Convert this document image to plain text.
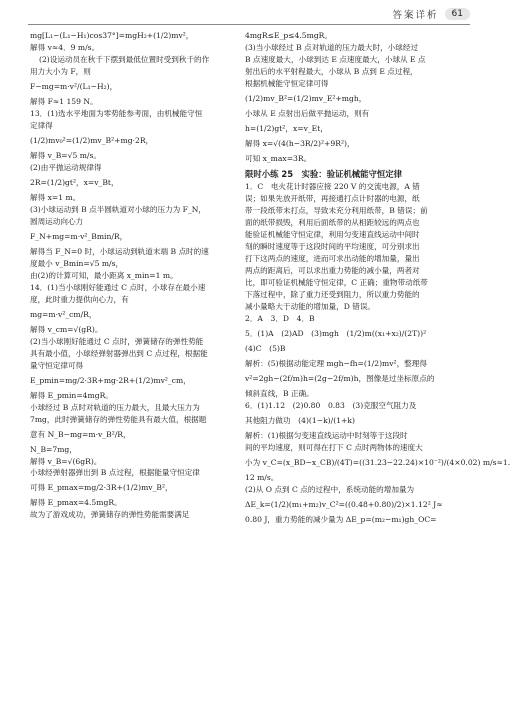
答案详析	61
mg[L₁−(L₁−H₁)cos37°]=mgH₂+(1/2)mv²，
解得 v≈4．9 m/s。
(2)设运动员在秋千下摆到最低位置时受到秋千的作
用力大小为 F，则
F−mg=m·v²/(L₁−H₂)，
解得 F≈1 159 N。
13．(1)选水平地面为零势能参考面，由机械能守恒
定律得
(1/2)mv₀²=(1/2)mv_B²+mg·2R，
解得 v_B=√5 m/s。
(2)由平抛运动规律得
2R=(1/2)gt²，x=v_Bt，
解得 x=1 m。
(3)小球运动到 B 点半圆轨道对小球的压力为 F_N，
圆周运动向心力
F_N+mg=m·v²_Bmin/R，
解得当 F_N=0 时，小球运动到轨道末端 B 点时的速
度最小 v_Bmin=√5 m/s，
由(2)的计算可知，最小距离 x_min=1 m。
14．(1)当小球刚好能通过 C 点时，小球存在最小速
度，此时重力提供向心力，有
mg=m·v²_cm/R，
解得 v_cm=√(gR)。
(2)当小球刚好能通过 C 点时，弹簧储存的弹性势能
具有最小值，小球经弹射器弹出到 C 点过程，根据能
量守恒定律可得
E_pmin=mg/2·3R+mg·2R+(1/2)mv²_cm，
解得 E_pmin=4mgR。
小球经过 B 点时对轨道的压力最大，且最大压力为
7mg，此时弹簧储存的弹性势能具有最大值，根据题
意有 N_B−mg=m·v_B²/R，
N_B=7mg，
解得 v_B=√(6gR)。
小球经弹射器弹出到 B 点过程，根据能量守恒定律
可得 E_pmax=mg/2·3R+(1/2)mv_B²，
解得 E_pmax=4.5mgR。
故为了游戏成功，弹簧储存的弹性势能需要满足
4mgR≤E_p≤4.5mgR。
(3)当小球经过 B 点对轨道的压力最大时，小球经过
B 点速度最大，小球到达 E 点速度最大，小球从 E 点
射出后的水平射程最大，小球从 B 点到 E 点过程，
根据机械能守恒定律可得
(1/2)mv_B²=(1/2)mv_E²+mgh，
小球从 E 点射出后做平抛运动，则有
h=(1/2)gt²，x=v_Et，
解得 x=√(4(h−3R/2)²+9R²)，
可知 x_max=3R。
限时小练 25　实验：验证机械能守恒定律
1．C　电火花计时器应接 220 V 的交流电源，A 错
误；如果先放开纸带，再接通打点计时器的电源，纸
带一段纸带未打点，导致未充分利用纸带，B 错误；前
面的纸带损毁，利用后面纸带的从相距较远的两点也
能验证机械能守恒定律，利用匀变速直线运动中间时
刻的瞬时速度等于这段时间的平均速度，可分别求出
打下这两点的速度，进而可求出动能的增加量，量出
两点的距离后，可以求出重力势能的减小量，两者对
比，即可验证机械能守恒定律，C 正确；重物带动纸带
下落过程中，除了重力还受到阻力，所以重力势能的
减小量略大于动能的增加量，D 错误。
2．A　3．D　4．B
5．(1)A　(2)AD　(3)mgh　(1/2)m((x₁+x₂)/(2T))²
(4)C　(5)B
解析：(5)根据动能定理 mgh−fh=(1/2)mv²，整理得
v²=2gh−(2f/m)h=(2g−2f/m)h，图像是过坐标原点的
倾斜直线，B 正确。
6．(1)1.12　(2)0.80　0.83　(3)克服空气阻力及
其他阻力做功　(4)(1−k)/(1+k)
解析：(1)根据匀变速直线运动中时刻等于这段时
间的平均速度，则可得在打下 C 点时两物体的速度大
小为 v_C=(x_BD−x_CB)/(4T)=((31.23−22.24)×10⁻²)/(4×0.02) m/s≈1.
12 m/s。
(2)从 O 点到 C 点的过程中，系统动能的增加量为
ΔE_k=(1/2)(m₁+m₂)v_C²=((0.48+0.80)/2)×1.12² J≈
0.80 J，重力势能的减少量为 ΔE_p=(m₂−m₁)gh_OC=
